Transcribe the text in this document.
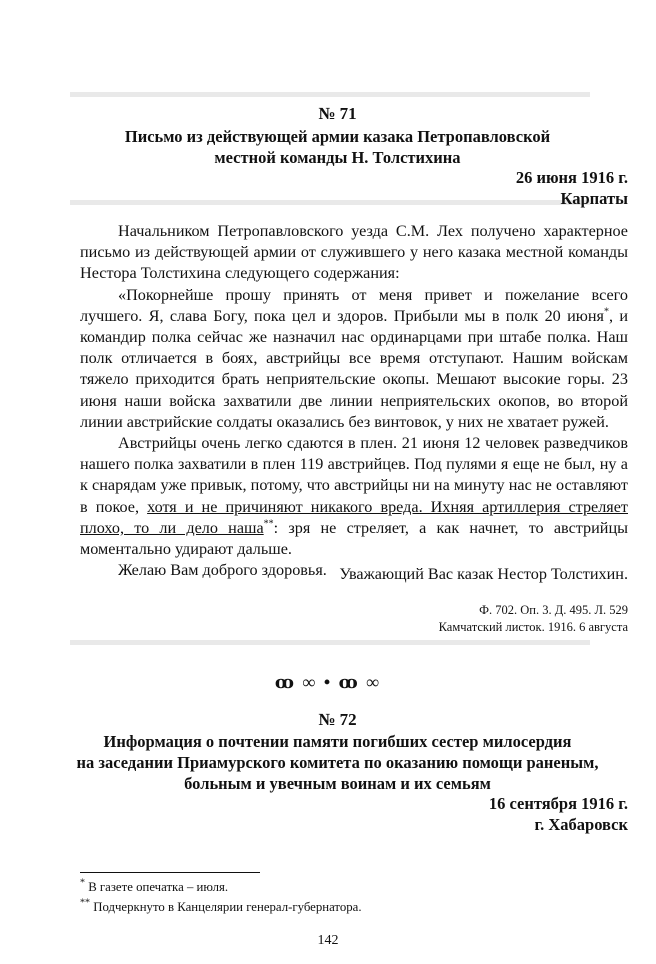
№ 71
Письмо из действующей армии казака Петропавловской
местной команды Н. Толстихина
26 июня 1916 г.
Карпаты

Начальником Петропавловского уезда С.М. Лех получено характерное письмо из действующей армии от служившего у него казака местной команды Нестора Толстихина следующего содержания:

«Покорнейше прошу принять от меня привет и пожелание всего лучшего. Я, слава Богу, пока цел и здоров. Прибыли мы в полк 20 июня*, и командир полка сейчас же назначил нас ординарцами при штабе полка. Наш полк отличается в боях, австрийцы все время отступают. Нашим войскам тяжело приходится брать неприятельские окопы. Мешают высокие горы. 23 июня наши войска захватили две линии неприятельских окопов, во второй линии австрийские солдаты оказались без винтовок, у них не хватает ружей.

Австрийцы очень легко сдаются в плен. 21 июня 12 человек разведчиков нашего полка захватили в плен 119 австрийцев. Под пулями я еще не был, ну а к снарядам уже привык, потому, что австрийцы ни на минуту нас не оставляют в покое, хотя и не причиняют никакого вреда. Ихняя артиллерия стреляет плохо, то ли дело наша**: зря не стреляет, а как начнет, то австрийцы моментально удирают дальше.

Желаю Вам доброго здоровья. Уважающий Вас казак Нестор Толстихин.
Ф. 702. Оп. 3. Д. 495. Л. 529
Камчатский листок. 1916. 6 августа
ꝏ ∞ • ꝏ ∞
№ 72
Информация о почтении памяти погибших сестер милосердия
на заседании Приамурского комитета по оказанию помощи раненым,
больным и увечным воинам и их семьям
16 сентября 1916 г.
г. Хабаровск
* В газете опечатка – июля.
** Подчеркнуто в Канцелярии генерал-губернатора.
142
